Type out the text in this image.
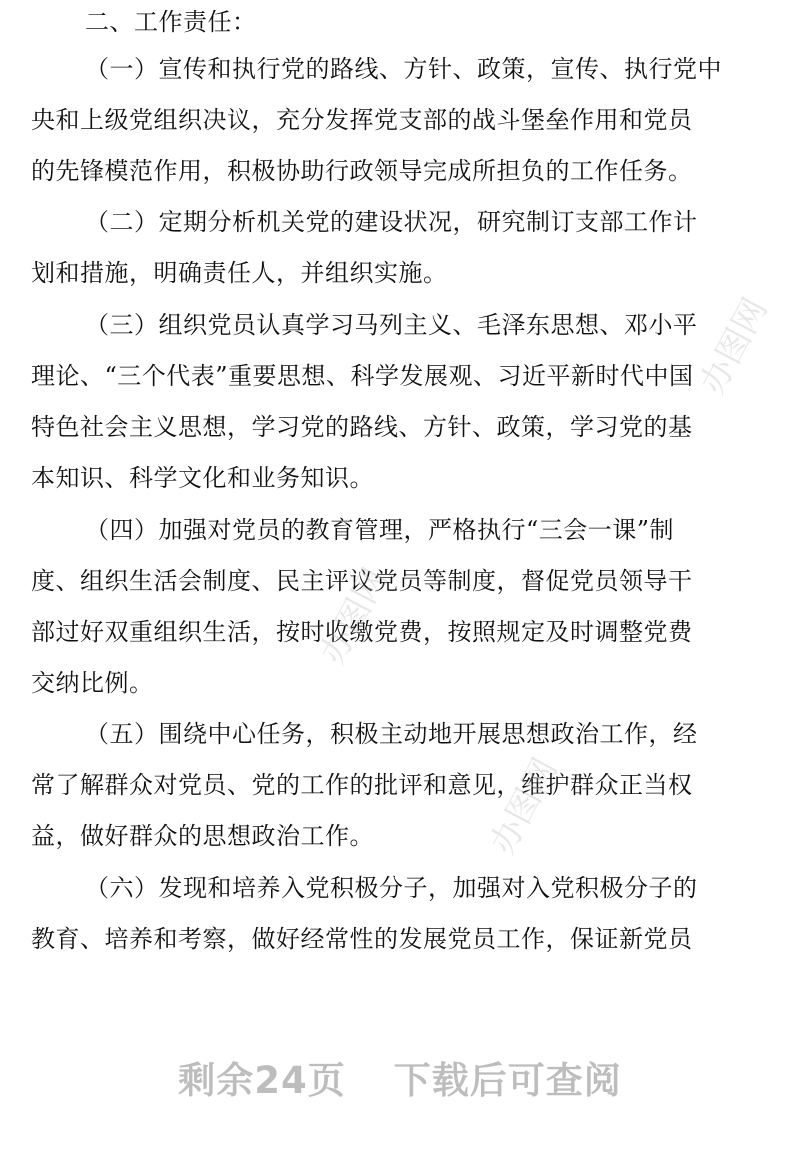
二、工作责任：
（一）宣传和执行党的路线、方针、政策，宣传、执行党中
央和上级党组织决议，充分发挥党支部的战斗堡垒作用和党员
的先锋模范作用，积极协助行政领导完成所担负的工作任务。
（二）定期分析机关党的建设状况，研究制订支部工作计
划和措施，明确责任人，并组织实施。
（三）组织党员认真学习马列主义、毛泽东思想、邓小平
理论、“三个代表”重要思想、科学发展观、习近平新时代中国
特色社会主义思想，学习党的路线、方针、政策，学习党的基
本知识、科学文化和业务知识。
（四）加强对党员的教育管理，严格执行“三会一课”制
度、组织生活会制度、民主评议党员等制度，督促党员领导干
部过好双重组织生活，按时收缴党费，按照规定及时调整党费
交纳比例。
（五）围绕中心任务，积极主动地开展思想政治工作，经
常了解群众对党员、党的工作的批评和意见，维护群众正当权
益，做好群众的思想政治工作。
（六）发现和培养入党积极分子，加强对入党积极分子的
教育、培养和考察，做好经常性的发展党员工作，保证新党员
办图网
办图网
办图网
剩余24页 下载后可查阅
